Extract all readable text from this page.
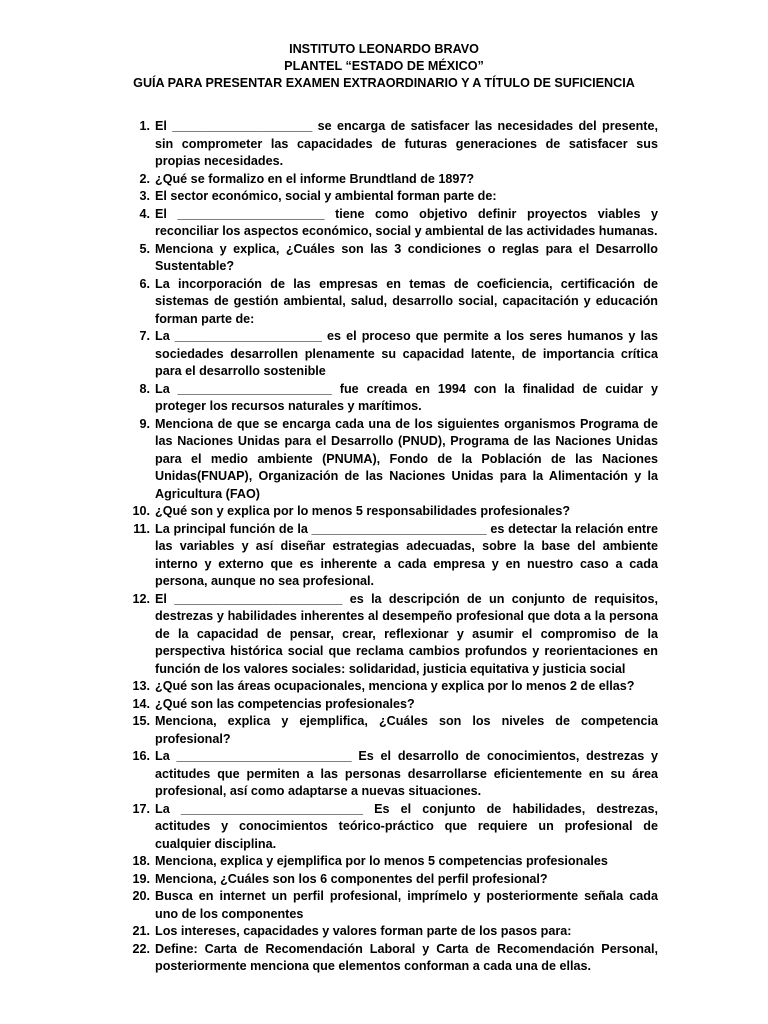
INSTITUTO LEONARDO BRAVO
PLANTEL “ESTADO DE MÉXICO”
GUÍA PARA PRESENTAR EXAMEN EXTRAORDINARIO Y A TÍTULO DE SUFICIENCIA
1. El ____________________ se encarga de satisfacer las necesidades del presente, sin comprometer las capacidades de futuras generaciones de satisfacer sus propias necesidades.
2. ¿Qué se formalizo en el informe Brundtland de 1897?
3. El sector económico, social y ambiental forman parte de:
4. El _____________________ tiene como objetivo definir proyectos viables y reconciliar los aspectos económico, social y ambiental de las actividades humanas.
5. Menciona y explica, ¿Cuáles son las 3 condiciones o reglas para el Desarrollo Sustentable?
6. La incorporación de las empresas en temas de coeficiencia, certificación de sistemas de gestión ambiental, salud, desarrollo social, capacitación y educación forman parte de:
7. La _____________________ es el proceso que permite a los seres humanos y las sociedades desarrollen plenamente su capacidad latente, de importancia crítica para el desarrollo sostenible
8. La ______________________ fue creada en 1994 con la finalidad de cuidar y proteger los recursos naturales y marítimos.
9. Menciona de que se encarga cada una de los siguientes organismos Programa de las Naciones Unidas para el Desarrollo (PNUD), Programa de las Naciones Unidas para el medio ambiente (PNUMA), Fondo de la Población de las Naciones Unidas(FNUAP), Organización de las Naciones Unidas para la Alimentación y la Agricultura (FAO)
10. ¿Qué son y explica por lo menos 5 responsabilidades profesionales?
11. La principal función de la _________________________ es detectar la relación entre las variables y así diseñar estrategias adecuadas, sobre la base del ambiente interno y externo que es inherente a cada empresa y en nuestro caso a cada persona, aunque no sea profesional.
12. El ________________________ es la descripción de un conjunto de requisitos, destrezas y habilidades inherentes al desempeño profesional que dota a la persona de la capacidad de pensar, crear, reflexionar y asumir el compromiso de la perspectiva histórica social que reclama cambios profundos y reorientaciones en función de los valores sociales: solidaridad, justicia equitativa y justicia social
13. ¿Qué son las áreas ocupacionales, menciona y explica por lo menos 2 de ellas?
14. ¿Qué son las competencias profesionales?
15. Menciona, explica y ejemplifica, ¿Cuáles son los niveles de competencia profesional?
16. La _________________________ Es el desarrollo de conocimientos, destrezas y actitudes que permiten a las personas desarrollarse eficientemente en su área profesional, así como adaptarse a nuevas situaciones.
17. La __________________________ Es el conjunto de habilidades, destrezas, actitudes y conocimientos teórico-práctico que requiere un profesional de cualquier disciplina.
18. Menciona, explica y ejemplifica por lo menos 5 competencias profesionales
19. Menciona, ¿Cuáles son los 6 componentes del perfil profesional?
20. Busca en internet un perfil profesional, imprímelo y posteriormente señala cada uno de los componentes
21. Los intereses, capacidades y valores forman parte de los pasos para:
22. Define: Carta de Recomendación Laboral y Carta de Recomendación Personal, posteriormente menciona que elementos conforman a cada una de ellas.
